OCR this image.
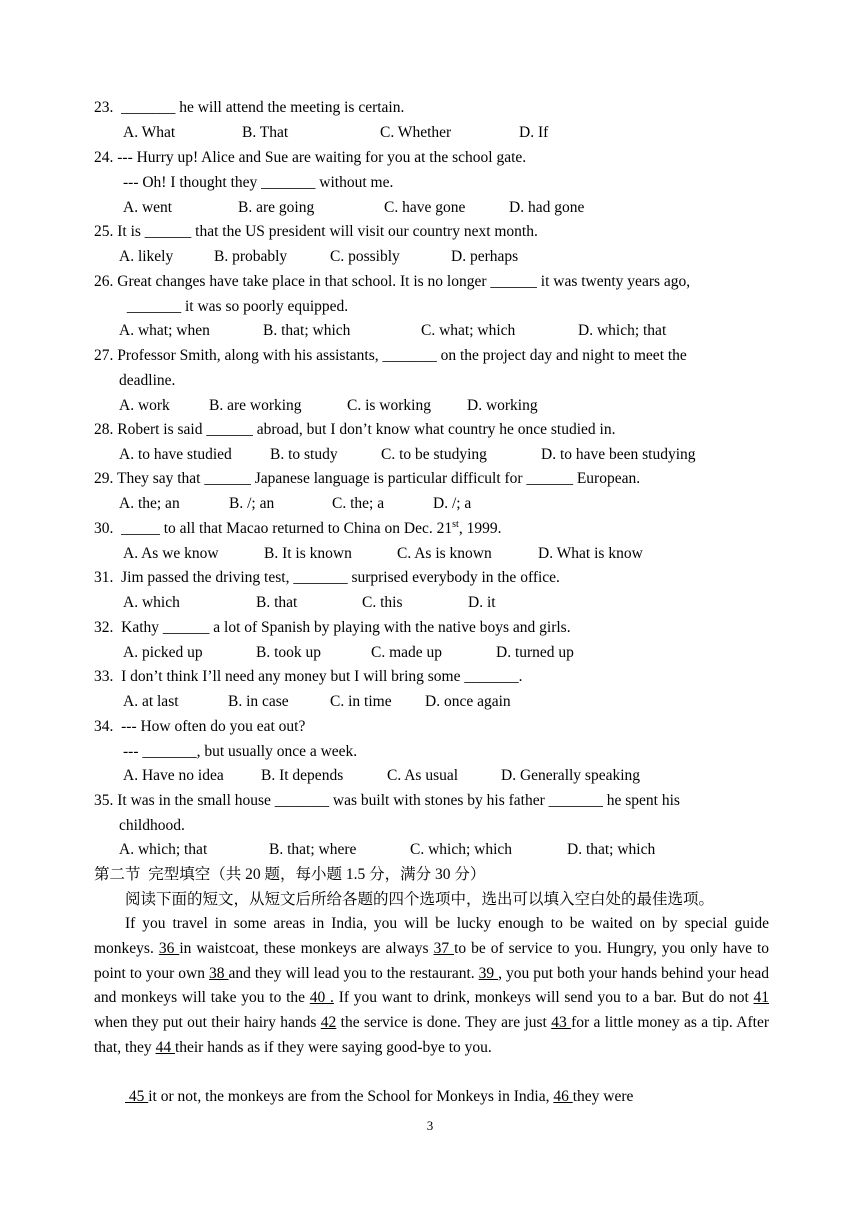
23.  _______ he will attend the meeting is certain.
A. What	B. That	C. Whether	D. If
24. --- Hurry up! Alice and Sue are waiting for you at the school gate.
--- Oh! I thought they _______ without me.
A. went	B. are going	C. have gone	D. had gone
25. It is ______ that the US president will visit our country next month.
A. likely	B. probably	C. possibly	D. perhaps
26. Great changes have take place in that school. It is no longer ______ it was twenty years ago,
_______ it was so poorly equipped.
A. what; when	B. that; which	C. what; which	D. which; that
27. Professor Smith, along with his assistants, _______ on the project day and night to meet the
deadline.
A. work	B. are working	C. is working D. working
28. Robert is said ______ abroad, but I don’t know what country he once studied in.
A. to have studied B. to study	C. to be studying	D. to have been studying
29. They say that ______ Japanese language is particular difficult for ______ European.
A. the; an	B. /; an	C. the; a	D. /; a
30.  _____ to all that Macao returned to China on Dec. 21st, 1999.
A. As we know	B. It is known	C. As is known	D. What is know
31.  Jim passed the driving test, _______ surprised everybody in the office.
A. which	B. that	C. this	D. it
32.  Kathy ______ a lot of Spanish by playing with the native boys and girls.
A. picked up	B. took up	C. made up	D. turned up
33.  I don’t think I’ll need any money but I will bring some _______.
A. at last	B. in case	C. in time D. once again
34.  --- How often do you eat out?
--- _______, but usually once a week.
A. Have no idea B. It depends	C. As usual	D. Generally speaking
35. It was in the small house _______ was built with stones by his father _______ he spent his
childhood.
A. which; that	B. that; where	C. which; which	D. that; which
第二节  完型填空（共 20 题，每小题 1.5 分，满分 30 分）
阅读下面的短文，从短文后所给各题的四个选项中，选出可以填入空白处的最佳选项。
If you travel in some areas in India, you will be lucky enough to be waited on by special guide monkeys. 36 in waistcoat, these monkeys are always 37 to be of service to you. Hungry, you only have to point to your own 38 and they will lead you to the restaurant. 39 , you put both your hands behind your head and monkeys will take you to the 40 . If you want to drink, monkeys will send you to a bar. But do not 41 when they put out their hairy hands 42 the service is done. They are just 43 for a little money as a tip. After that, they 44 their hands as if they were saying good-bye to you.
45 it or not, the monkeys are from the School for Monkeys in India, 46 they were
3
